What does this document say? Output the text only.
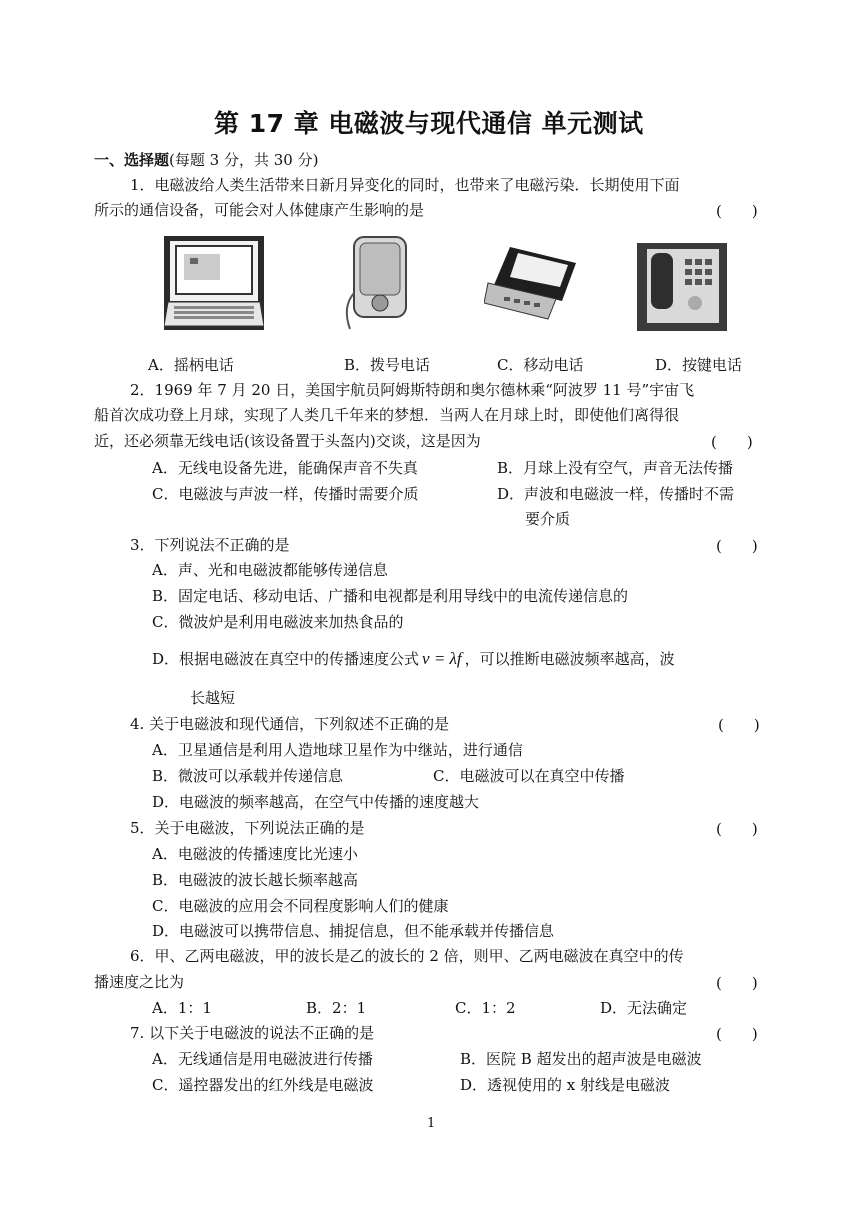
第 17 章 电磁波与现代通信 单元测试
一、选择题(每题 3 分，共 30 分)
1．电磁波给人类生活带来日新月异变化的同时，也带来了电磁污染．长期使用下面
所示的通信设备，可能会对人体健康产生影响的是	(　　)
A．摇柄电话	B．拨号电话	C．移动电话	D．按键电话
2．1969 年 7 月 20 日，美国宇航员阿姆斯特朗和奥尔德林乘“阿波罗 11 号”宇宙飞
船首次成功登上月球，实现了人类几千年来的梦想．当两人在月球上时，即使他们离得很
近，还必须靠无线电话(该设备置于头盔内)交谈，这是因为	(　　)
A．无线电设备先进，能确保声音不失真	B．月球上没有空气，声音无法传播
C．电磁波与声波一样，传播时需要介质	D．声波和电磁波一样，传播时不需
要介质
3．下列说法不正确的是	(　　)
A．声、光和电磁波都能够传递信息
B．固定电话、移动电话、广播和电视都是利用导线中的电流传递信息的
C．微波炉是利用电磁波来加热食品的
D．根据电磁波在真空中的传播速度公式 v = λf ，可以推断电磁波频率越高，波
长越短
4. 关于电磁波和现代通信，下列叙述不正确的是	(　　)
A．卫星通信是利用人造地球卫星作为中继站，进行通信
B．微波可以承载并传递信息	C．电磁波可以在真空中传播
D．电磁波的频率越高，在空气中传播的速度越大
5．关于电磁波，下列说法正确的是	(　　)
A．电磁波的传播速度比光速小
B．电磁波的波长越长频率越高
C．电磁波的应用会不同程度影响人们的健康
D．电磁波可以携带信息、捕捉信息，但不能承载并传播信息
6．甲、乙两电磁波，甲的波长是乙的波长的 2 倍，则甲、乙两电磁波在真空中的传
播速度之比为	(　　)
A．1：1	B．2：1	C．1：2	D．无法确定
7. 以下关于电磁波的说法不正确的是	(　　)
A．无线通信是用电磁波进行传播	B．医院 B 超发出的超声波是电磁波
C．遥控器发出的红外线是电磁波	D．透视使用的 x 射线是电磁波
1
